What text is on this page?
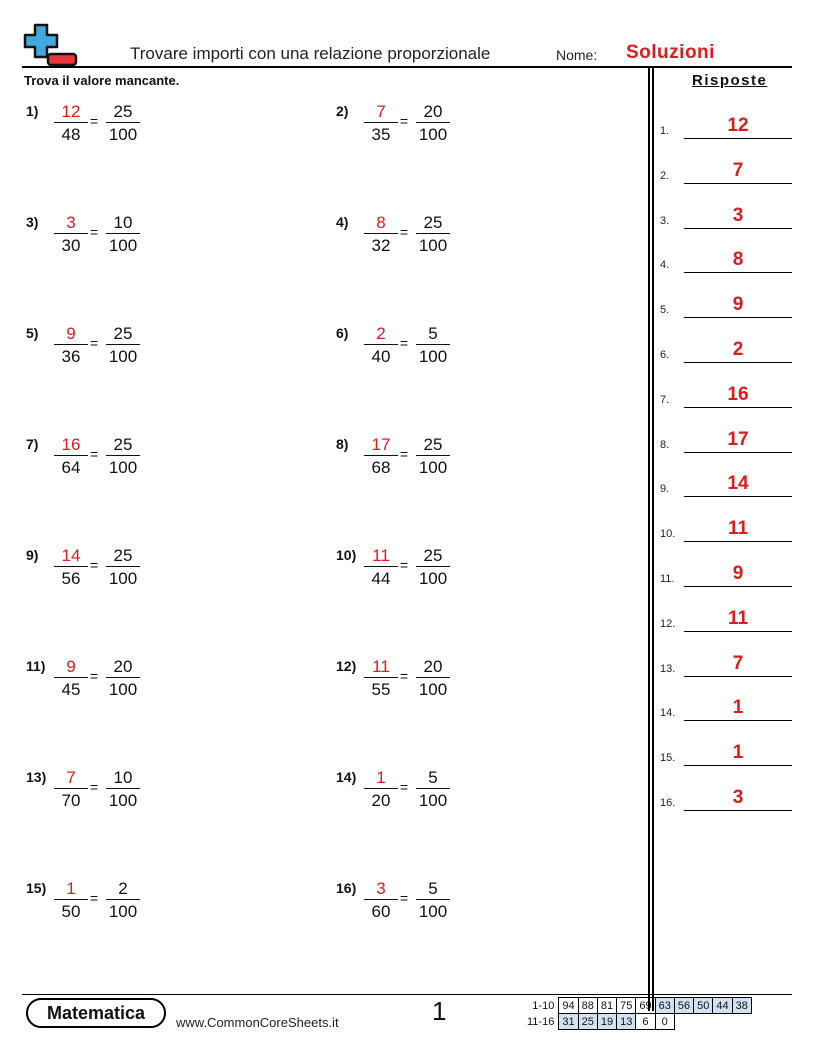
Trovare importi con una relazione proporzionale	Nome: Soluzioni
Trova il valore mancante.
$1) \frac{12}{48} = \frac{25}{100}$	$2) \frac{7}{35} = \frac{20}{100}$
$3) \frac{3}{30} = \frac{10}{100}$	$4) \frac{8}{32} = \frac{25}{100}$
$5) \frac{9}{36} = \frac{25}{100}$	$6) \frac{2}{40} = \frac{5}{100}$
$7) \frac{16}{64} = \frac{25}{100}$	$8) \frac{17}{68} = \frac{25}{100}$
$9) \frac{14}{56} = \frac{25}{100}$	$10) \frac{11}{44} = \frac{25}{100}$
$11) \frac{9}{45} = \frac{20}{100}$	$12) \frac{11}{55} = \frac{20}{100}$
$13) \frac{7}{70} = \frac{10}{100}$	$14) \frac{1}{20} = \frac{5}{100}$
$15) \frac{1}{50} = \frac{2}{100}$	$16) \frac{3}{60} = \frac{5}{100}$
Risposte
1.	12
2.	7
3.	3
4.	8
5.	9
6.	2
7.	16
8.	17
9.	14
10.	11
11.	9
12.	11
13.	7
14.	1
15.	1
16.	3
Matematica	www.CommonCoreSheets.it	1	1-10	94	88	81	75	69	63	56	50	44	38
11-16	31	25	19	13	6	0				
